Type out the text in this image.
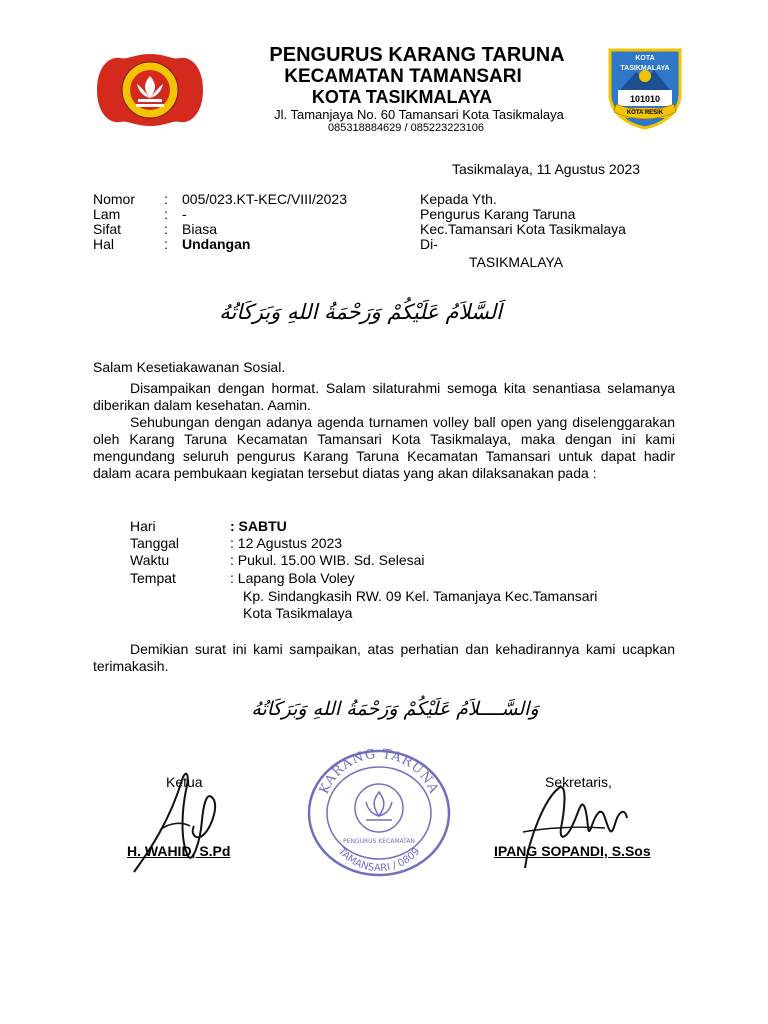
KOTA TASIKMALAYA
101010
KOTA RESIK
PENGURUS KARANG TARUNA
KECAMATAN TAMANSARI
KOTA TASIKMALAYA
Jl. Tamanjaya No. 60 Tamansari Kota Tasikmalaya
085318884629 / 085223223106
Tasikmalaya, 11 Agustus 2023
Nomor : 005/023.KT-KEC/VIII/2023
Lam	: -
Sifat	: Biasa
Hal	: Undangan
Kepada Yth.
Pengurus Karang Taruna
Kec.Tamansari Kota Tasikmalaya
Di-
TASIKMALAYA
اَلسَّلاَمُ عَلَيْكُمْ وَرَحْمَةُ اللهِ وَبَرَكَاتُهُ
Salam Kesetiakawanan Sosial.
Disampaikan dengan hormat. Salam silaturahmi semoga kita senantiasa selamanya diberikan dalam kesehatan. Aamin.
Sehubungan dengan adanya agenda turnamen volley ball open yang diselenggarakan oleh Karang Taruna Kecamatan Tamansari Kota Tasikmalaya, maka dengan ini kami mengundang seluruh pengurus Karang Taruna Kecamatan Tamansari untuk dapat hadir dalam acara pembukaan kegiatan tersebut diatas yang akan dilaksanakan pada :
Hari	: SABTU
Tanggal	: 12 Agustus 2023
Waktu	: Pukul. 15.00 WIB. Sd. Selesai
Tempat	: Lapang Bola Voley
Kp. Sindangkasih RW. 09 Kel. Tamanjaya Kec.Tamansari
Kota Tasikmalaya
Demikian surat ini kami sampaikan, atas perhatian dan kehadirannya kami ucapkan terimakasih.
وَالسَّــــلاَمُ عَلَيْكُمْ وَرَحْمَةُ اللهِ وَبَرَكَاتُهُ
KARANG TARUNA
TAMANSARI / 0809
PENGURUS KECAMATAN
Ketua
H. WAHID, S.Pd
Sekretaris,
IPANG SOPANDI, S.Sos
